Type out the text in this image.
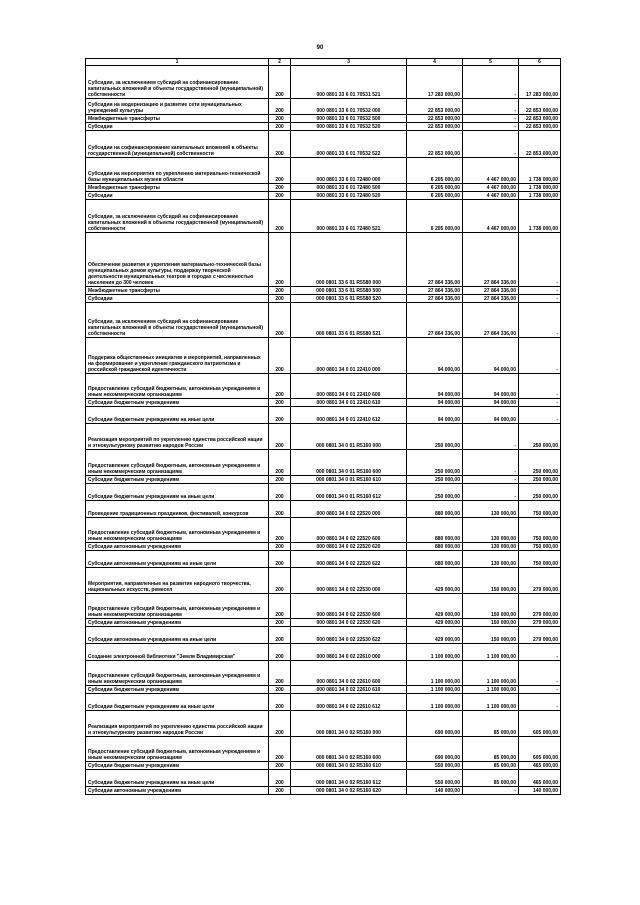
90
1	2	3	4	5	6
Субсидии, за исключением субсидий на софинансирование капитальных вложений в объекты государственной (муниципальной) собственности	200	000 0801 33 6 01 70531 521	17 283 000,00	-	17 283 000,00
Субсидии на модернизацию и развитие сети муниципальных учреждений культуры	200	000 0801 33 6 01 70532 000	22 853 000,00	-	22 853 000,00
Межбюджетные трансферты	200	000 0801 33 6 01 70532 500	22 853 000,00	-	22 853 000,00
Субсидии	200	000 0801 33 6 01 70532 520	22 853 000,00	-	22 853 000,00
Субсидии на софинансирование капитальных вложений в объекты государственной (муниципальной) собственности	200	000 0801 33 6 01 70532 522	22 853 000,00	-	22 853 000,00
Субсидии на мероприятия по укреплению материально-технической базы муниципальных музеев области	200	000 0801 33 6 01 72480 000	6 205 000,00	4 467 000,00	1 738 000,00
Межбюджетные трансферты	200	000 0801 33 6 01 72480 500	6 205 000,00	4 467 000,00	1 738 000,00
Субсидии	200	000 0801 33 6 01 72480 520	6 205 000,00	4 467 000,00	1 738 000,00
Субсидии, за исключением субсидий на софинансирование капитальных вложений в объекты государственной (муниципальной) собственности	200	000 0801 33 6 01 72480 521	6 205 000,00	4 467 000,00	1 738 000,00
Обеспечение развития и укрепления материально-технической базы муниципальных домов культуры, поддержку творческой деятельности муниципальных театров в городах с численностью населения до 300 человек	200	000 0801 33 6 01 R5580 000	27 864 336,00	27 864 336,00	-
Межбюджетные трансферты	200	000 0801 33 6 01 R5580 500	27 864 336,00	27 864 336,00	-
Субсидии	200	000 0801 33 6 01 R5580 520	27 864 336,00	27 864 336,00	-
Субсидии, за исключением субсидий на софинансирование капитальных вложений в объекты государственной (муниципальной) собственности	200	000 0801 33 6 01 R5580 521	27 864 336,00	27 864 336,00	-
Поддержка общественных инициатив и мероприятий, направленных на формирование и укрепление гражданского патриотизма и российской гражданской идентичности	200	000 0801 34 0 01 22410 000	94 000,00	94 000,00	-
Предоставление субсидий бюджетным, автономным учреждениям и иным некоммерческим организациям	200	000 0801 34 0 01 22410 600	94 000,00	94 000,00	-
Субсидии бюджетным учреждениям	200	000 0801 34 0 01 22410 610	94 000,00	94 000,00	-
Субсидии бюджетным учреждениям на иные цели	200	000 0801 34 0 01 22410 612	94 000,00	94 000,00	-
Реализация мероприятий по укреплению единства российской нации и этнокультурному развитию народов России	200	000 0801 34 0 01 R5160 000	250 000,00	-	250 000,00
Предоставление субсидий бюджетным, автономным учреждениям и иным некоммерческим организациям	200	000 0801 34 0 01 R5160 600	250 000,00	-	250 000,00
Субсидии бюджетным учреждениям	200	000 0801 34 0 01 R5160 610	250 000,00	-	250 000,00
Субсидии бюджетным учреждениям на иные цели	200	000 0801 34 0 01 R5160 612	250 000,00	-	250 000,00
Проведение традиционных праздников, фестивалей, конкурсов	200	000 0801 34 0 02 22520 000	880 000,00	130 000,00	750 000,00
Предоставление субсидий бюджетным, автономным учреждениям и иным некоммерческим организациям	200	000 0801 34 0 02 22520 600	880 000,00	130 000,00	750 000,00
Субсидии автономным учреждениям	200	000 0801 34 0 02 22520 620	880 000,00	130 000,00	750 000,00
Субсидии автономным учреждениям на иные цели	200	000 0801 34 0 02 22520 622	880 000,00	130 000,00	750 000,00
Мероприятия, направленные на развитие народного творчества, национальных искусств, ремесел	200	000 0801 34 0 02 22530 000	429 000,00	150 000,00	279 000,00
Предоставление субсидий бюджетным, автономным учреждениям и иным некоммерческим организациям	200	000 0801 34 0 02 22530 600	429 000,00	150 000,00	279 000,00
Субсидии автономным учреждениям	200	000 0801 34 0 02 22530 620	429 000,00	150 000,00	279 000,00
Субсидии автономным учреждениям на иные цели	200	000 0801 34 0 02 22530 622	429 000,00	150 000,00	279 000,00
Создание электронной библиотеки "Земля Владимирская"	200	000 0801 34 0 02 22610 000	1 100 000,00	1 100 000,00	-
Предоставление субсидий бюджетным, автономным учреждениям и иным некоммерческим организациям	200	000 0801 34 0 02 22610 600	1 100 000,00	1 100 000,00	-
Субсидии бюджетным учреждениям	200	000 0801 34 0 02 22610 610	1 100 000,00	1 100 000,00	-
Субсидии бюджетным учреждениям на иные цели	200	000 0801 34 0 02 22610 612	1 100 000,00	1 100 000,00	-
Реализация мероприятий по укреплению единства российской нации и этнокультурному развитию народов России	200	000 0801 34 0 02 R5160 000	690 000,00	85 000,00	605 000,00
Предоставление субсидий бюджетным, автономным учреждениям и иным некоммерческим организациям	200	000 0801 34 0 02 R5160 600	690 000,00	85 000,00	605 000,00
Субсидии бюджетным учреждениям	200	000 0801 34 0 02 R5160 610	550 000,00	85 000,00	465 000,00
Субсидии бюджетным учреждениям на иные цели	200	000 0801 34 0 02 R5160 612	550 000,00	85 000,00	465 000,00
Субсидии автономным учреждениям	200	000 0801 34 0 02 R5160 620	140 000,00	-	140 000,00
